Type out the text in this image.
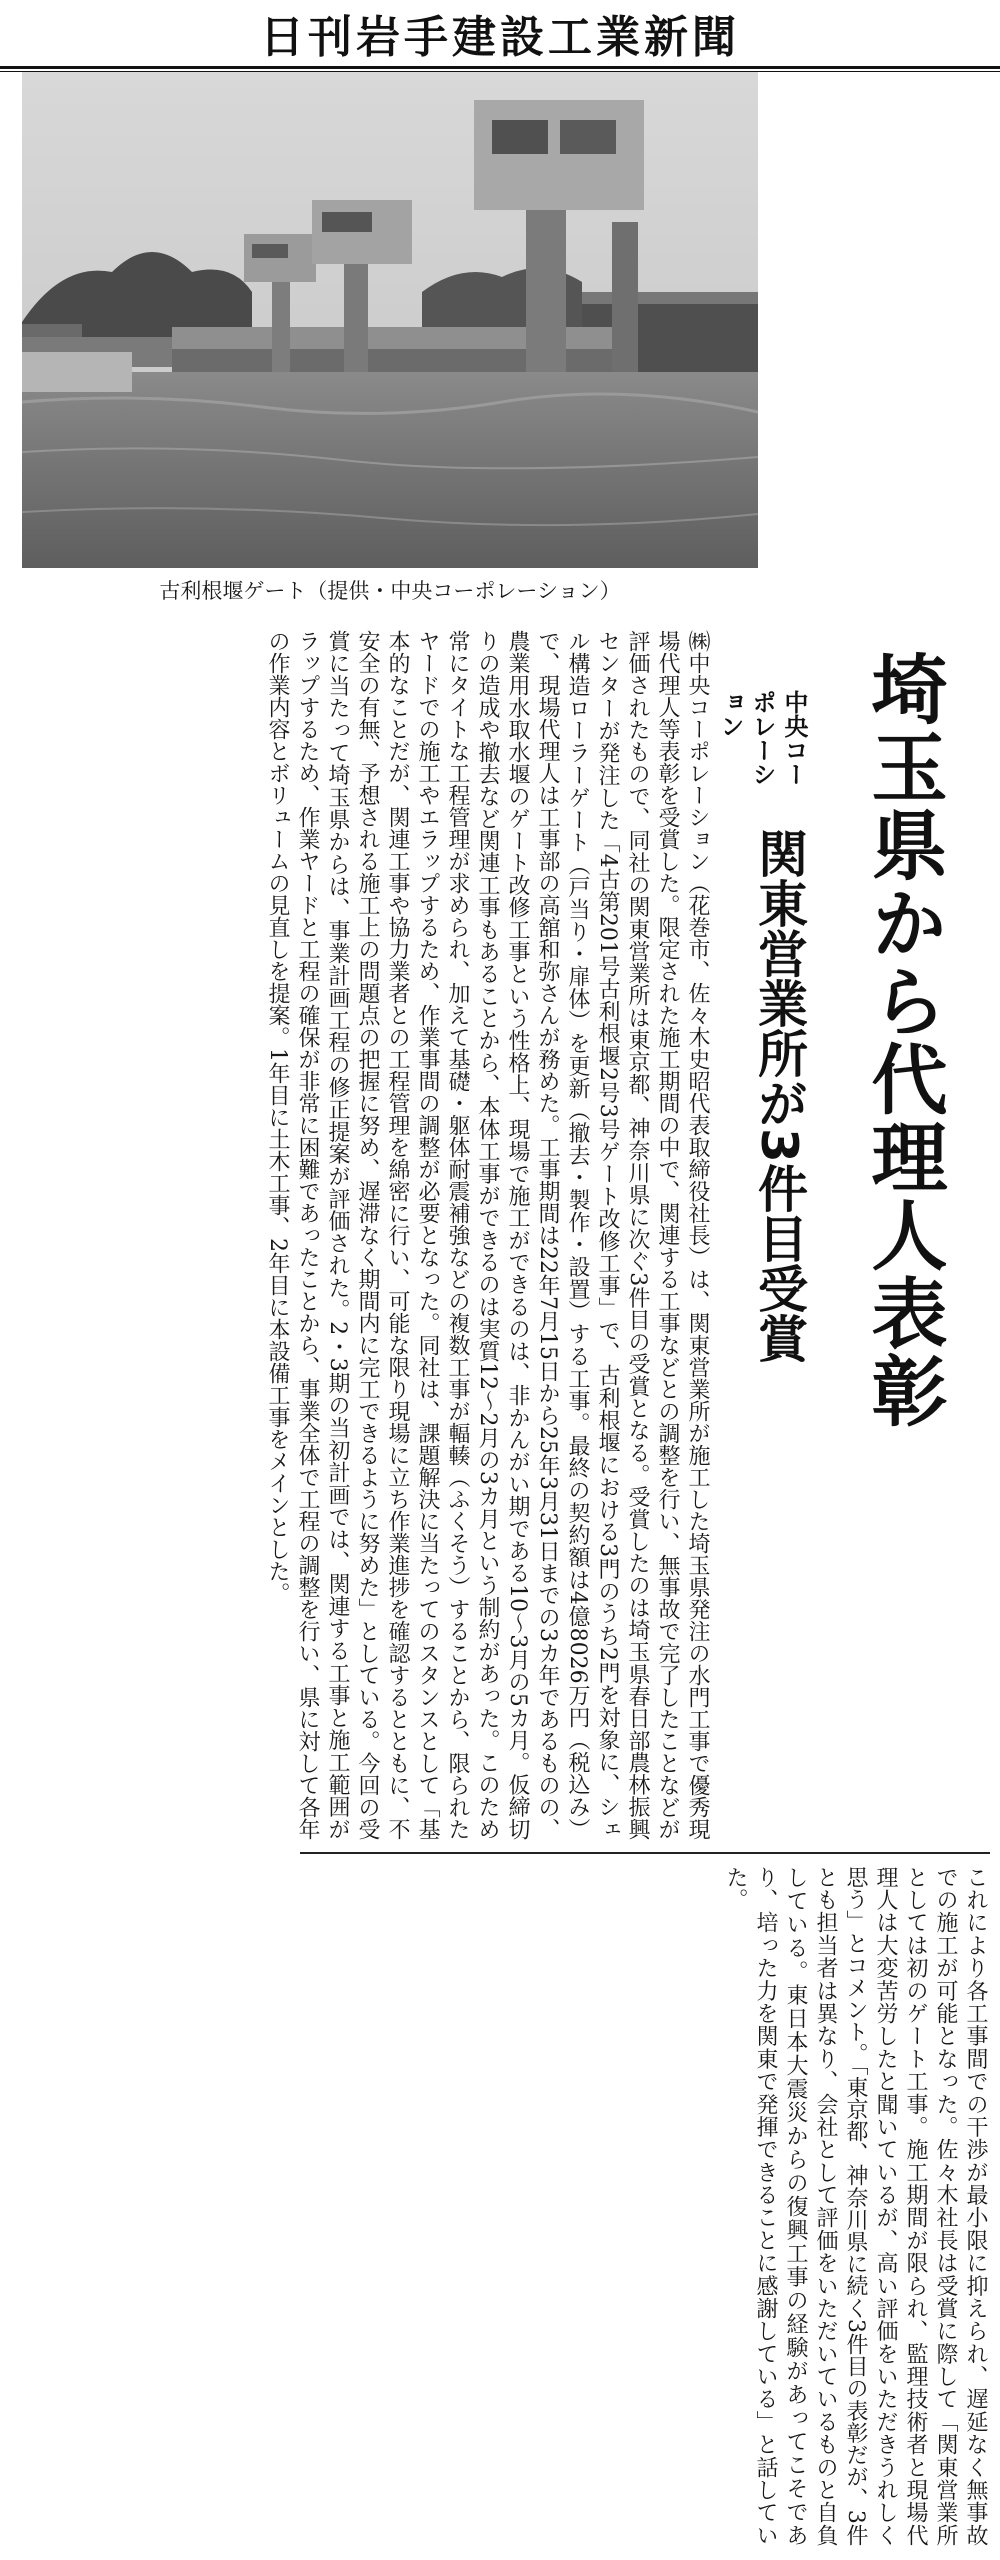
日刊岩手建設工業新聞
古利根堰ゲート（提供・中央コーポレーション）
埼玉県から代理人表彰
中央コーポレーション
関東営業所が3件目受賞
㈱中央コーポレーション（花巻市、佐々木史昭代表取締役社長）は、関東営業所が施工した埼玉県発注の水門工事で優秀現場代理人等表彰を受賞した。限定された施工期間の中で、関連する工事などとの調整を行い、無事故で完了したことなどが評価されたもので、同社の関東営業所は東京都、神奈川県に次ぐ3件目の受賞となる。受賞したのは埼玉県春日部農林振興センターが発注した「4古第201号古利根堰2号3号ゲート改修工事」で、古利根堰における3門のうち2門を対象に、シェル構造ローラーゲート（戸当り・扉体）を更新（撤去・製作・設置）する工事。最終の契約額は4億8026万円（税込み）で、現場代理人は工事部の高舘和弥さんが務めた。工事期間は22年7月15日から25年3月31日までの3カ年であるものの、農業用水取水堰のゲート改修工事という性格上、現場で施工ができるのは、非かんがい期である10～3月の5カ月。仮締切りの造成や撤去など関連工事もあることから、本体工事ができるのは実質12～2月の3カ月という制約があった。このため常にタイトな工程管理が求められ、加えて基礎・躯体耐震補強などの複数工事が輻輳（ふくそう）することから、限られたヤードでの施工やエラップするため、作業事間の調整が必要となった。同社は、課題解決に当たってのスタンスとして「基本的なことだが、関連工事や協力業者との工程管理を綿密に行い、可能な限り現場に立ち作業進捗を確認するとともに、不安全の有無、予想される施工上の問題点の把握に努め、遅滞なく期間内に完工できるように努めた」としている。今回の受賞に当たって埼玉県からは、事業計画工程の修正提案が評価された。2・3期の当初計画では、関連する工事と施工範囲がラップするため、作業ヤードと工程の確保が非常に困難であったことから、事業全体で工程の調整を行い、県に対して各年の作業内容とボリュームの見直しを提案。1年目に土木工事、2年目に本設備工事をメインとした。
これにより各工事間での干渉が最小限に抑えられ、遅延なく無事故での施工が可能となった。佐々木社長は受賞に際して「関東営業所としては初のゲート工事。施工期間が限られ、監理技術者と現場代理人は大変苦労したと聞いているが、高い評価をいただきうれしく思う」とコメント。「東京都、神奈川県に続く3件目の表彰だが、3件とも担当者は異なり、会社として評価をいただいているものと自負している。東日本大震災からの復興工事の経験があってこそであり、培った力を関東で発揮できることに感謝している」と話していた。
